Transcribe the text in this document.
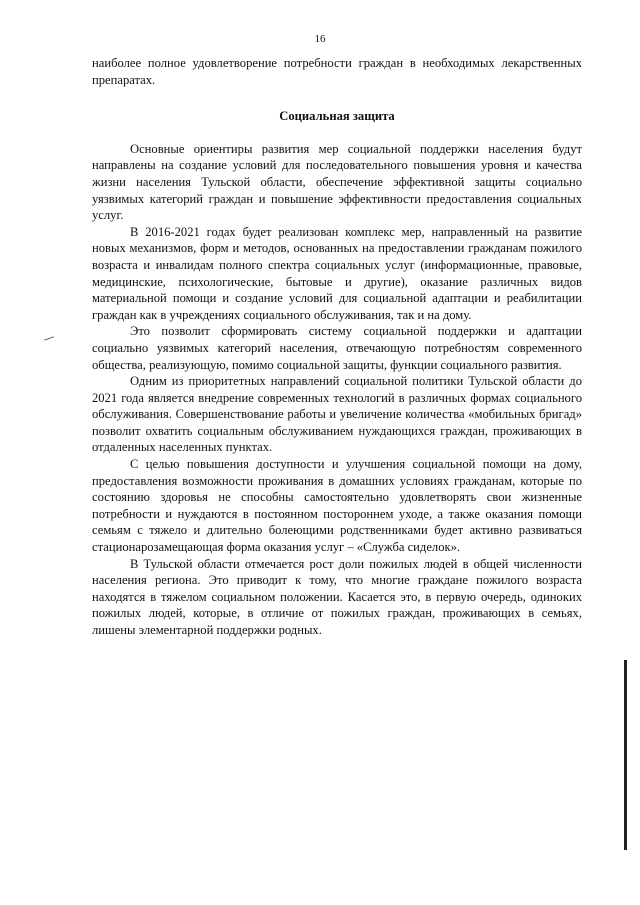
16

наиболее полное удовлетворение потребности граждан в необходимых лекарственных препаратах.

Социальная защита

Основные ориентиры развития мер социальной поддержки населения будут направлены на создание условий для последовательного повышения уровня и качества жизни населения Тульской области, обеспечение эффективной защиты социально уязвимых категорий граждан и повышение эффективности предоставления социальных услуг.

В 2016-2021 годах будет реализован комплекс мер, направленный на развитие новых механизмов, форм и методов, основанных на предоставлении гражданам пожилого возраста и инвалидам полного спектра социальных услуг (информационные, правовые, медицинские, психологические, бытовые и другие), оказание различных видов материальной помощи и создание условий для социальной адаптации и реабилитации граждан как в учреждениях социального обслуживания, так и на дому.

Это позволит сформировать систему социальной поддержки и адаптации социально уязвимых категорий населения, отвечающую потребностям современного общества, реализующую, помимо социальной защиты, функции социального развития.

Одним из приоритетных направлений социальной политики Тульской области до 2021 года является внедрение современных технологий в различных формах социального обслуживания. Совершенствование работы и увеличение количества «мобильных бригад» позволит охватить социальным обслуживанием нуждающихся граждан, проживающих в отдаленных населенных пунктах.

С целью повышения доступности и улучшения социальной помощи на дому, предоставления возможности проживания в домашних условиях гражданам, которые по состоянию здоровья не способны самостоятельно удовлетворять свои жизненные потребности и нуждаются в постоянном постороннем уходе, а также оказания помощи семьям с тяжело и длительно болеющими родственниками будет активно развиваться стационарозамещающая форма оказания услуг – «Служба сиделок».

В Тульской области отмечается рост доли пожилых людей в общей численности населения региона. Это приводит к тому, что многие граждане пожилого возраста находятся в тяжелом социальном положении. Касается это, в первую очередь, одиноких пожилых людей, которые, в отличие от пожилых граждан, проживающих в семьях, лишены элементарной поддержки родных.
